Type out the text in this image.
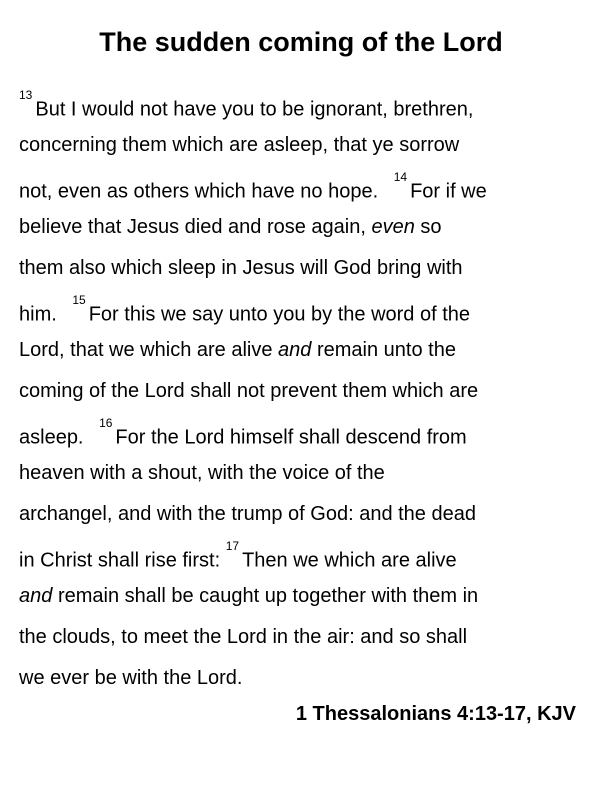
The sudden coming of the Lord
$^{13}$But I would not have you to be ignorant, brethren,
concerning them which are asleep, that ye sorrow
not, even as others which have no hope. $^{14}$For if we
believe that Jesus died and rose again, even so
them also which sleep in Jesus will God bring with
him. $^{15}$For this we say unto you by the word of the
Lord, that we which are alive and remain unto the
coming of the Lord shall not prevent them which are
asleep. $^{16}$For the Lord himself shall descend from
heaven with a shout, with the voice of the
archangel, and with the trump of God: and the dead
in Christ shall rise first: $^{17}$Then we which are alive
and remain shall be caught up together with them in
the clouds, to meet the Lord in the air: and so shall
we ever be with the Lord.
1 Thessalonians 4:13-17, KJV
